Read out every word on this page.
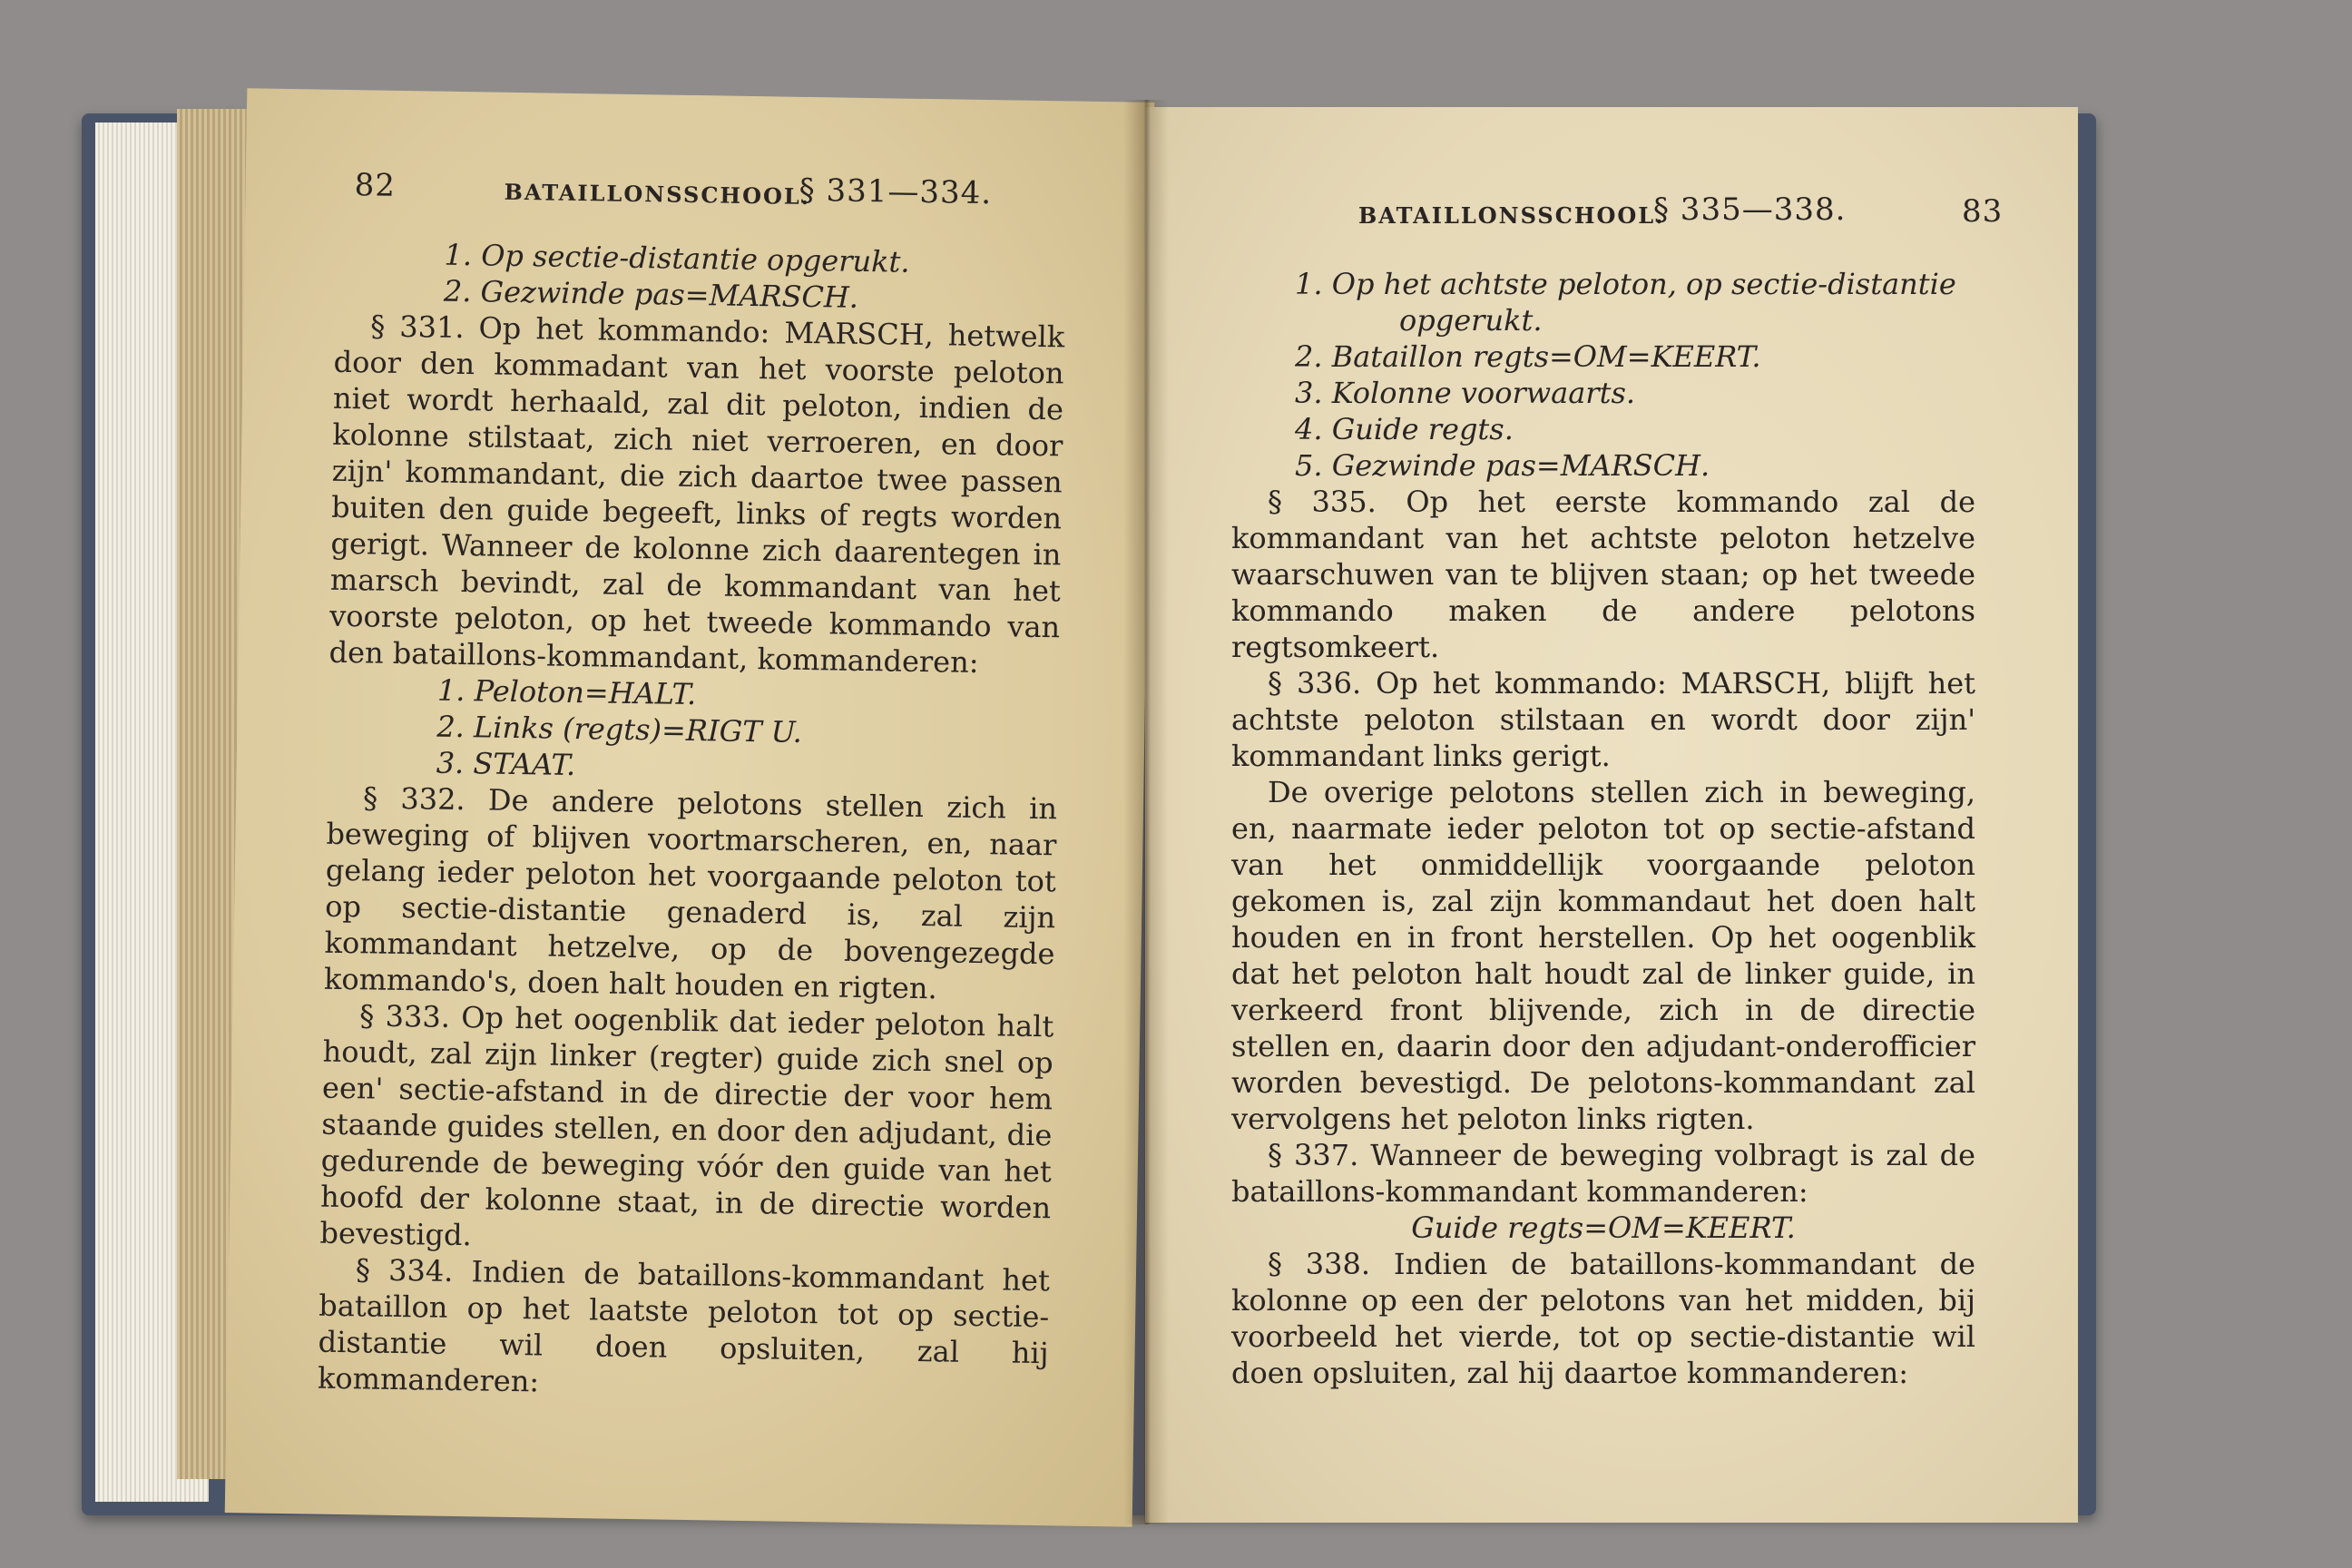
82	BATAILLONSSCHOOL.
§ 331—334.
1. Op sectie-distantie opgerukt.
2. Gezwinde pas=MARSCH.

§ 331. Op het kommando: MARSCH, hetwelk door den kommadant van het voorste peloton niet wordt herhaald, zal dit peloton, indien de kolonne stilstaat, zich niet verroeren, en door zijn' kommandant, die zich daartoe twee passen buiten den guide begeeft, links of regts worden gerigt. Wanneer de kolonne zich daarentegen in marsch bevindt, zal de kommandant van het voorste peloton, op het tweede kommando van den bataillons-kommandant, kommanderen:

1. Peloton=HALT.
2. Links (regts)=RIGT U.
3. STAAT.

§ 332. De andere pelotons stellen zich in beweging of blijven voortmarscheren, en, naar gelang ieder peloton het voorgaande peloton tot op sectie-distantie genaderd is, zal zijn kommandant hetzelve, op de bovengezegde kommando's, doen halt houden en rigten.

§ 333. Op het oogenblik dat ieder peloton halt houdt, zal zijn linker (regter) guide zich snel op een' sectie-afstand in de directie der voor hem staande guides stellen, en door den adjudant, die gedurende de beweging vóór den guide van het hoofd der kolonne staat, in de directie worden bevestigd.

§ 334. Indien de bataillons-kommandant het bataillon op het laatste peloton tot op sectie-distantie wil doen opsluiten, zal hij kommanderen:

BATAILLONSSCHOOL.
§ 335—338.	83
1. Op het achtste peloton, op sectie-distantie
opgerukt.
2. Bataillon regts=OM=KEERT.
3. Kolonne voorwaarts.
4. Guide regts.
5. Gezwinde pas=MARSCH.

§ 335. Op het eerste kommando zal de kommandant van het achtste peloton hetzelve waarschuwen van te blijven staan; op het tweede kommando maken de andere pelotons regtsomkeert.

§ 336. Op het kommando: MARSCH, blijft het achtste peloton stilstaan en wordt door zijn' kommandant links gerigt.

De overige pelotons stellen zich in beweging, en, naarmate ieder peloton tot op sectie-afstand van het onmiddellijk voorgaande peloton gekomen is, zal zijn kommandaut het doen halt houden en in front herstellen. Op het oogenblik dat het peloton halt houdt zal de linker guide, in verkeerd front blijvende, zich in de directie stellen en, daarin door den adjudant-onderofficier worden bevestigd. De pelotons-kommandant zal vervolgens het peloton links rigten.

§ 337. Wanneer de beweging volbragt is zal de bataillons-kommandant kommanderen:

Guide regts=OM=KEERT.

§ 338. Indien de bataillons-kommandant de kolonne op een der pelotons van het midden, bij voorbeeld het vierde, tot op sectie-distantie wil doen opsluiten, zal hij daartoe kommanderen:
